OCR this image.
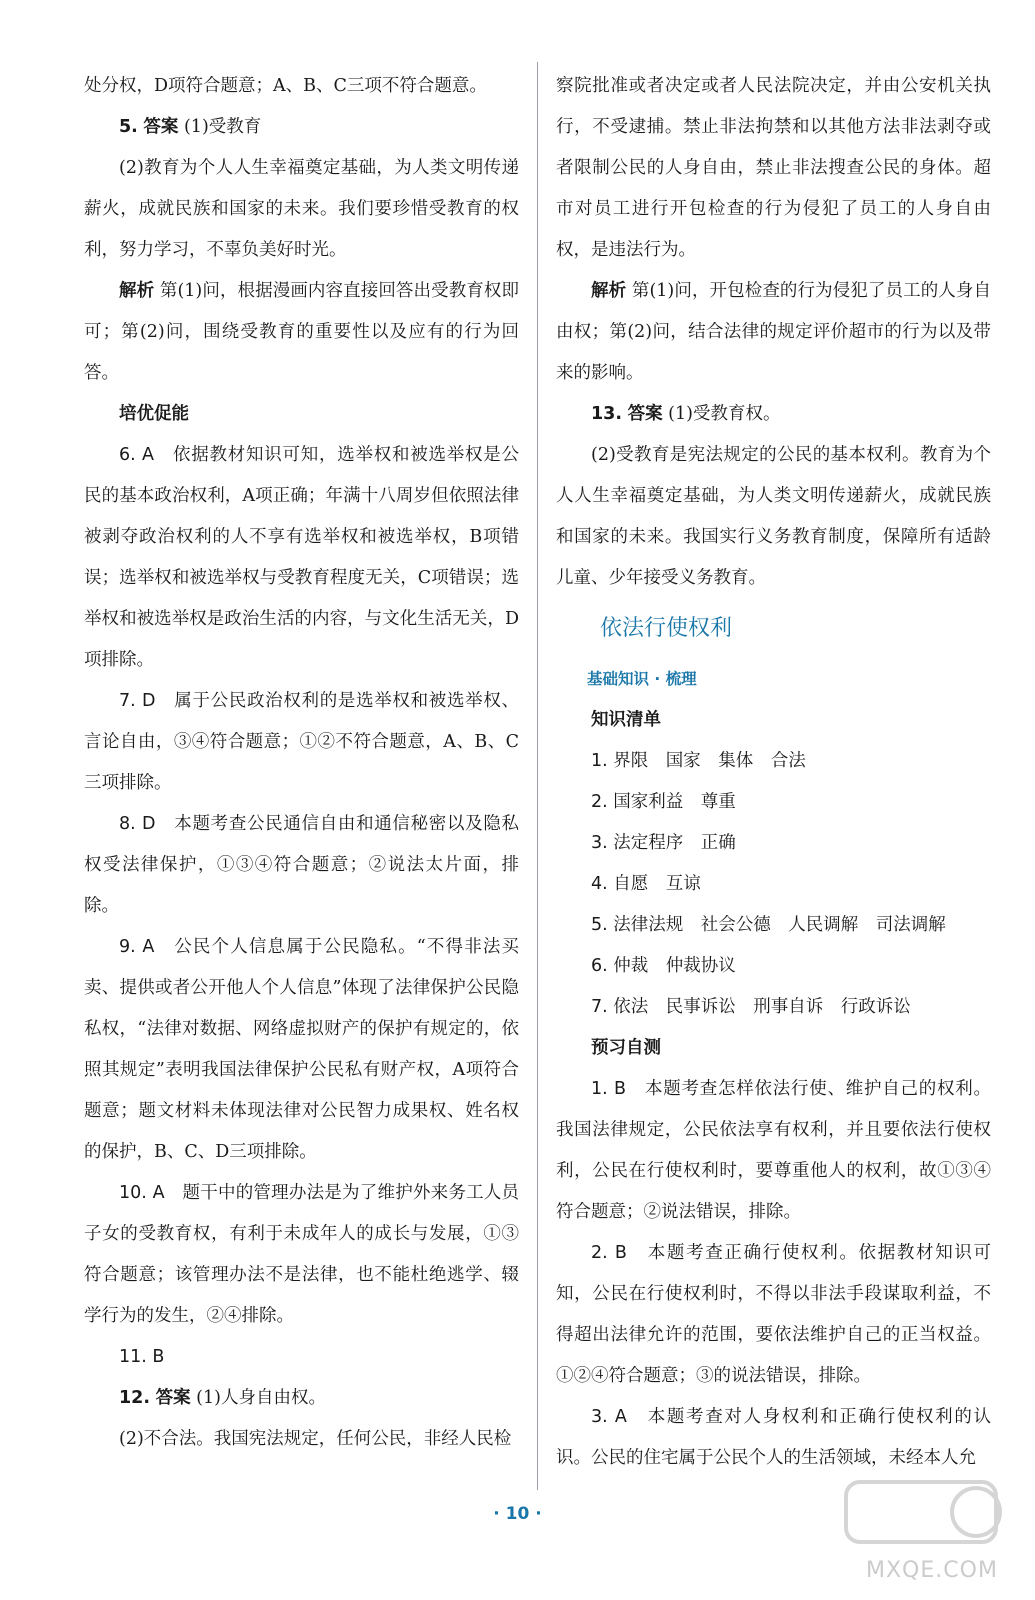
处分权，D项符合题意；A、B、C三项不符合题意。

5. 答案 (1)受教育

(2)教育为个人人生幸福奠定基础，为人类文明传递薪火，成就民族和国家的未来。我们要珍惜受教育的权利，努力学习，不辜负美好时光。

解析 第(1)问，根据漫画内容直接回答出受教育权即可；第(2)问，围绕受教育的重要性以及应有的行为回答。

培优促能

6. A　 依据教材知识可知，选举权和被选举权是公民的基本政治权利，A项正确；年满十八周岁但依照法律被剥夺政治权利的人不享有选举权和被选举权，B项错误；选举权和被选举权与受教育程度无关，C项错误；选举权和被选举权是政治生活的内容，与文化生活无关，D项排除。

7. D　 属于公民政治权利的是选举权和被选举权、言论自由，③④符合题意；①②不符合题意，A、B、C三项排除。

8. D　 本题考查公民通信自由和通信秘密以及隐私权受法律保护，①③④符合题意；②说法太片面，排除。

9. A　 公民个人信息属于公民隐私。“不得非法买卖、提供或者公开他人个人信息”体现了法律保护公民隐私权，“法律对数据、网络虚拟财产的保护有规定的，依照其规定”表明我国法律保护公民私有财产权，A项符合题意；题文材料未体现法律对公民智力成果权、姓名权的保护，B、C、D三项排除。

10. A　 题干中的管理办法是为了维护外来务工人员子女的受教育权，有利于未成年人的成长与发展，①③符合题意；该管理办法不是法律，也不能杜绝逃学、辍学行为的发生，②④排除。

11. B

12. 答案 (1)人身自由权。

(2)不合法。我国宪法规定，任何公民，非经人民检

察院批准或者决定或者人民法院决定，并由公安机关执行，不受逮捕。禁止非法拘禁和以其他方法非法剥夺或者限制公民的人身自由，禁止非法搜查公民的身体。超市对员工进行开包检查的行为侵犯了员工的人身自由权，是违法行为。

解析 第(1)问，开包检查的行为侵犯了员工的人身自由权；第(2)问，结合法律的规定评价超市的行为以及带来的影响。

13. 答案 (1)受教育权。

(2)受教育是宪法规定的公民的基本权利。教育为个人人生幸福奠定基础，为人类文明传递薪火，成就民族和国家的未来。我国实行义务教育制度，保障所有适龄儿童、少年接受义务教育。

依法行使权利

基础知识 · 梳理

知识清单

1. 界限　国家　集体　合法

2. 国家利益　尊重

3. 法定程序　正确

4. 自愿　互谅

5. 法律法规　社会公德　人民调解　司法调解

6. 仲裁　仲裁协议

7. 依法　民事诉讼　刑事自诉　行政诉讼

预习自测

1. B　 本题考查怎样依法行使、维护自己的权利。我国法律规定，公民依法享有权利，并且要依法行使权利，公民在行使权利时，要尊重他人的权利，故①③④符合题意；②说法错误，排除。

2. B　 本题考查正确行使权利。依据教材知识可知，公民在行使权利时，不得以非法手段谋取利益，不得超出法律允许的范围，要依法维护自己的正当权益。①②④符合题意；③的说法错误，排除。

3. A　 本题考查对人身权利和正确行使权利的认识。公民的住宅属于公民个人的生活领域，未经本人允

· 10 ·
MXQE.COM
